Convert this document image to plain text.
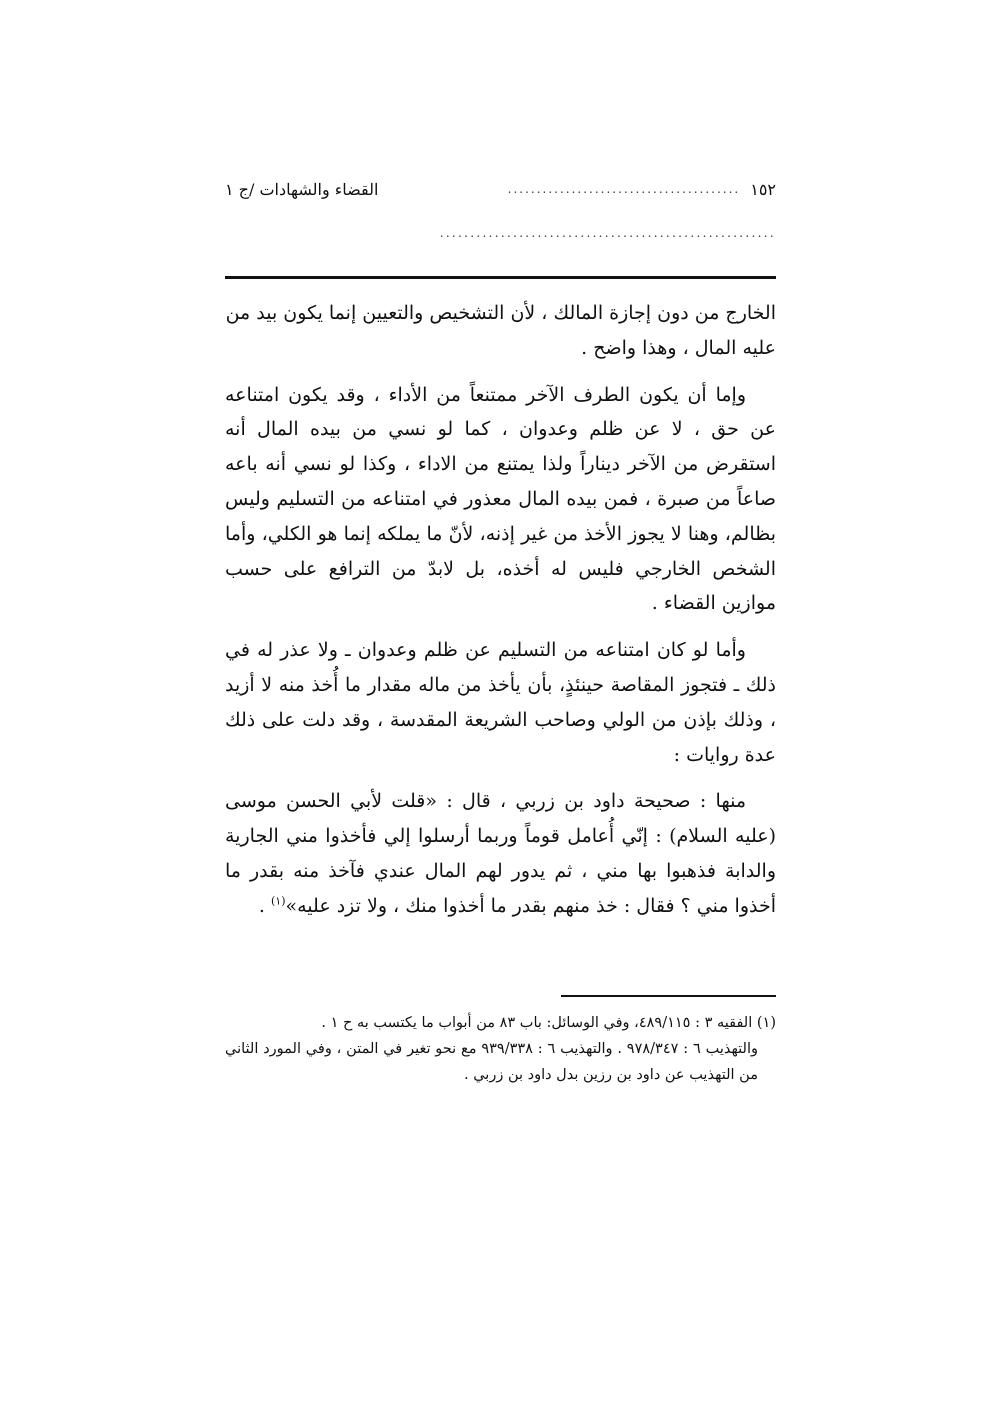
١٥٢
........................................
القضاء والشهادات /ج ١
.......................................................

الخارج من دون إجازة المالك ، لأن التشخيص والتعيين إنما يكون بيد من
عليه المال ، وهذا واضح .

وإما أن يكون الطرف الآخر ممتنعاً من الأداء ، وقد يكون امتناعه عن حق ، لا عن ظلم وعدوان ، كما لو نسي من بيده المال أنه استقرض من الآخر ديناراً ولذا يمتنع من الاداء ، وكذا لو نسي أنه باعه صاعاً من صبرة ، فمن بيده المال معذور في امتناعه من التسليم وليس بظالم، وهنا لا يجوز الأخذ من غير إذنه، لأنّ ما يملكه إنما هو الكلي، وأما الشخص الخارجي فليس له أخذه، بل لابدّ من الترافع على حسب موازين القضاء .

وأما لو كان امتناعه من التسليم عن ظلم وعدوان ـ ولا عذر له في ذلك ـ فتجوز المقاصة حينئذٍ، بأن يأخذ من ماله مقدار ما أُخذ منه لا أزيد ، وذلك بإذن من الولي وصاحب الشريعة المقدسة ، وقد دلت على ذلك عدة روايات :

منها : صحيحة داود بن زربي ، قال : «قلت لأبي الحسن موسى (عليه السلام) : إنّي أُعامل قوماً وربما أرسلوا إلي فأخذوا مني الجارية والدابة فذهبوا بها مني ، ثم يدور لهم المال عندي فآخذ منه بقدر ما أخذوا مني ؟ فقال : خذ منهم بقدر ما أخذوا منك ، ولا تزد عليه»$^{(١)}$ .

(١) الفقيه ٣ : ٤٨٩/١١٥، وفي الوسائل: باب ٨٣ من أبواب ما يكتسب به ح ١ .

والتهذيب ٦ : ٩٧٨/٣٤٧ . والتهذيب ٦ : ٩٣٩/٣٣٨ مع نحو تغير في المتن ، وفي المورد الثاني من التهذيب عن داود بن رزين بدل داود بن زربي .
